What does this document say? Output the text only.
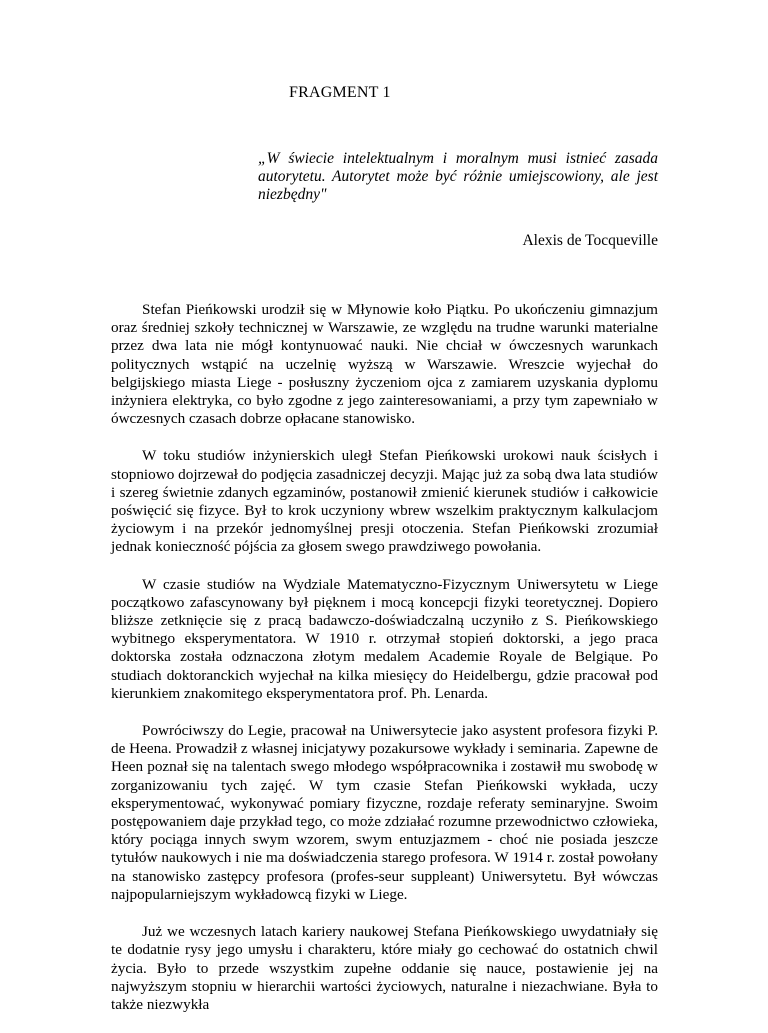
FRAGMENT 1
„W świecie intelektualnym i moralnym musi istnieć zasada autorytetu. Autorytet może być różnie umiejscowiony, ale jest niezbędny"
Alexis de Tocqueville

Stefan Pieńkowski urodził się w Młynowie koło Piątku. Po ukończeniu gimnazjum oraz średniej szkoły technicznej w Warszawie, ze względu na trudne warunki materialne przez dwa lata nie mógł kontynuować nauki. Nie chciał w ówczesnych warunkach politycznych wstąpić na uczelnię wyższą w Warszawie. Wreszcie wyjechał do belgijskiego miasta Liege - posłuszny życzeniom ojca z zamiarem uzyskania dyplomu inżyniera elektryka, co było zgodne z jego zainteresowaniami, a przy tym zapewniało w ówczesnych czasach dobrze opłacane stanowisko.

W toku studiów inżynierskich uległ Stefan Pieńkowski urokowi nauk ścisłych i stopniowo dojrzewał do podjęcia zasadniczej decyzji. Mając już za sobą dwa lata studiów i szereg świetnie zdanych egzaminów, postanowił zmienić kierunek studiów i całkowicie poświęcić się fizyce. Był to krok uczyniony wbrew wszelkim praktycznym kalkulacjom życiowym i na przekór jednomyślnej presji otoczenia. Stefan Pieńkowski zrozumiał jednak konieczność pójścia za głosem swego prawdziwego powołania.

W czasie studiów na Wydziale Matematyczno-Fizycznym Uniwersytetu w Liege początkowo zafascynowany był pięknem i mocą koncepcji fizyki teoretycznej. Dopiero bliższe zetknięcie się z pracą badawczo-doświadczalną uczyniło z S. Pieńkowskiego wybitnego eksperymentatora. W 1910 r. otrzymał stopień doktorski, a jego praca doktorska została odznaczona złotym medalem Academie Royale de Belgiąue. Po studiach doktoranckich wyjechał na kilka miesięcy do Heidelbergu, gdzie pracował pod kierunkiem znakomitego eksperymentatora prof. Ph. Lenarda.

Powróciwszy do Legie, pracował na Uniwersytecie jako asystent profesora fizyki P. de Heena. Prowadził z własnej inicjatywy pozakursowe wykłady i seminaria. Zapewne de Heen poznał się na talentach swego młodego współpracownika i zostawił mu swobodę w zorganizowaniu tych zajęć. W tym czasie Stefan Pieńkowski wykłada, uczy eksperymentować, wykonywać pomiary fizyczne, rozdaje referaty seminaryjne. Swoim postępowaniem daje przykład tego, co może zdziałać rozumne przewodnictwo człowieka, który pociąga innych swym wzorem, swym entuzjazmem - choć nie posiada jeszcze tytułów naukowych i nie ma doświadczenia starego profesora. W 1914 r. został powołany na stanowisko zastępcy profesora (profes-seur suppleant) Uniwersytetu. Był wówczas najpopularniejszym wykładowcą fizyki w Liege.

Już we wczesnych latach kariery naukowej Stefana Pieńkowskiego uwydatniały się te dodatnie rysy jego umysłu i charakteru, które miały go cechować do ostatnich chwil życia. Było to przede wszystkim zupełne oddanie się nauce, postawienie jej na najwyższym stopniu w hierarchii wartości życiowych, naturalne i niezachwiane. Była to także niezwykła
